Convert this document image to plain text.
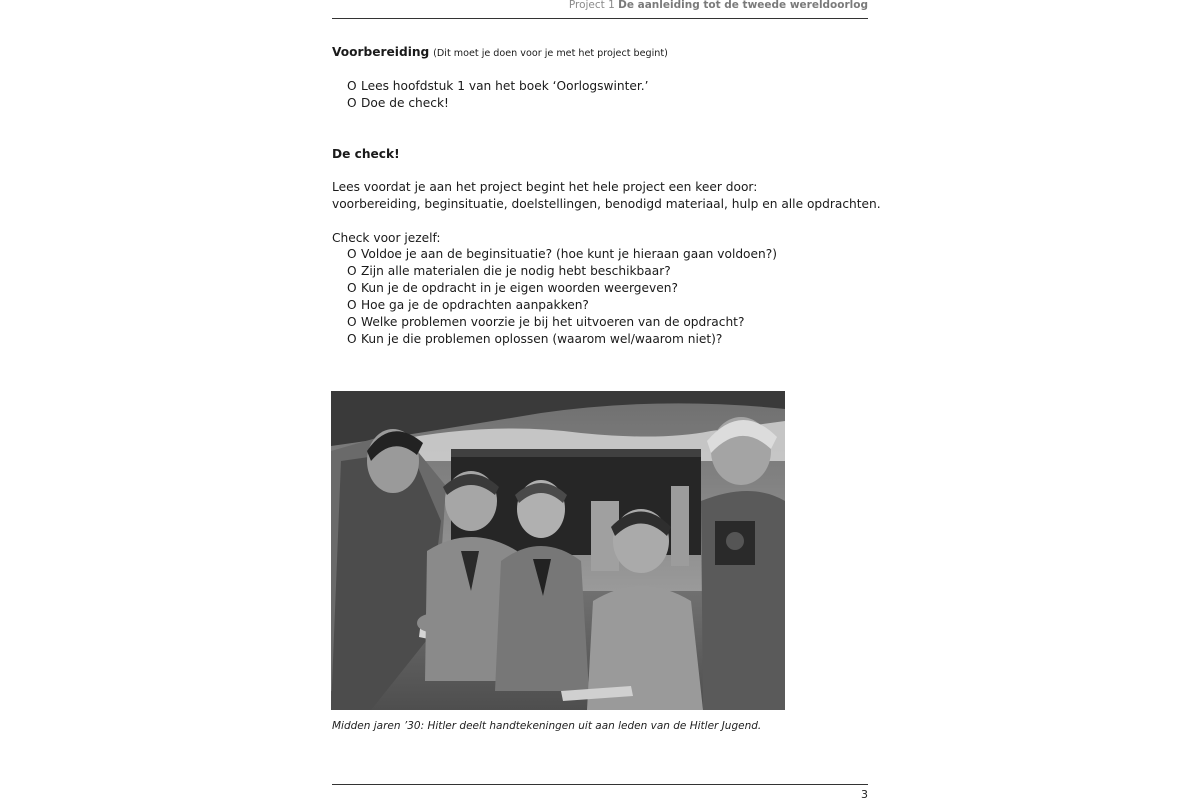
Project 1 De aanleiding tot de tweede wereldoorlog
Voorbereiding (Dit moet je doen voor je met het project begint)
O Lees hoofdstuk 1 van het boek ‘Oorlogswinter.’
O Doe de check!
De check!
Lees voordat je aan het project begint het hele project een keer door:
voorbereiding, beginsituatie, doelstellingen, benodigd materiaal, hulp en alle opdrachten.
Check voor jezelf:
O Voldoe je aan de beginsituatie? (hoe kunt je hieraan gaan voldoen?)
O Zijn alle materialen die je nodig hebt beschikbaar?
O Kun je de opdracht in je eigen woorden weergeven?
O Hoe ga je de opdrachten aanpakken?
O Welke problemen voorzie je bij het uitvoeren van de opdracht?
O Kun je die problemen oplossen (waarom wel/waarom niet)?
Midden jaren ’30: Hitler deelt handtekeningen uit aan leden van de Hitler Jugend.
3
